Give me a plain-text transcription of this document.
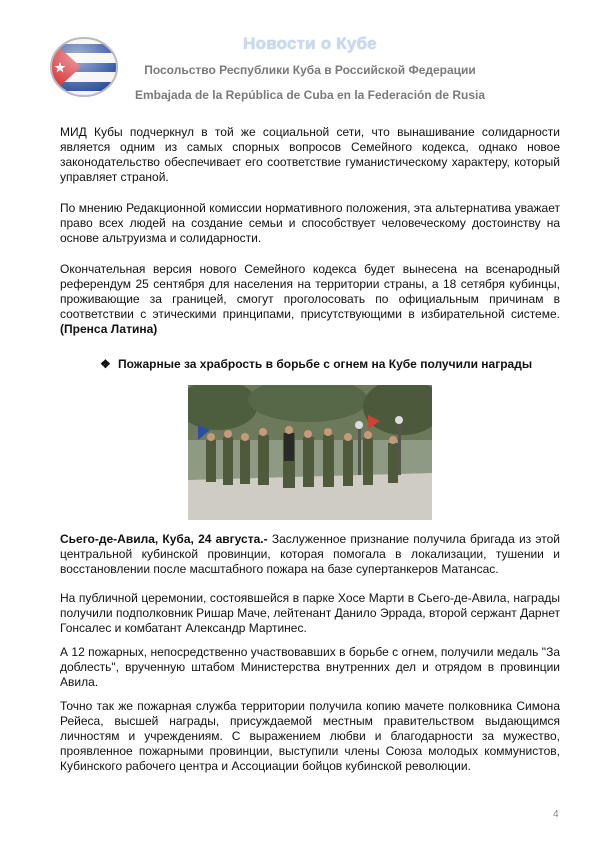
Новости о Кубе
Посольство Республики Куба в Российской Федерации
Embajada de la República de Cuba en la Federación de Rusia
МИД Кубы подчеркнул в той же социальной сети, что вынашивание солидарности является одним из самых спорных вопросов Семейного кодекса, однако новое законодательство обеспечивает его соответствие гуманистическому характеру, который управляет страной.
По мнению Редакционной комиссии нормативного положения, эта альтернатива уважает право всех людей на создание семьи и способствует человеческому достоинству на основе альтруизма и солидарности.
Окончательная версия нового Семейного кодекса будет вынесена на всенародный референдум 25 сентября для населения на территории страны, а 18 сетября кубинцы, проживающие за границей, смогут проголосовать по официальным причинам в соответствии с этическими принципами, присутствующими в избирательной системе. (Пренса Латина)
❖ Пожарные за храбрость в борьбе с огнем на Кубе получили награды
Сьего-де-Авила, Куба, 24 августа.- Заслуженное признание получила бригада из этой центральной кубинской провинции, которая помогала в локализации, тушении и восстановлении после масштабного пожара на базе супертанкеров Матансас.
На публичной церемонии, состоявшейся в парке Хосе Марти в Сьего-де-Авила, награды получили подполковник Ришар Маче, лейтенант Данило Эррада, второй сержант Дарнет Гонсалес и комбатант Александр Мартинес.
А 12 пожарных, непосредственно участвовавших в борьбе с огнем, получили медаль "За доблесть", врученную штабом Министерства внутренних дел и отрядом в провинции Авила.
Точно так же пожарная служба территории получила копию мачете полковника Симона Рейеса, высшей награды, присуждаемой местным правительством выдающимся личностям и учреждениям. С выражением любви и благодарности за мужество, проявленное пожарными провинции, выступили члены Союза молодых коммунистов, Кубинского рабочего центра и Ассоциации бойцов кубинской революции.
4
